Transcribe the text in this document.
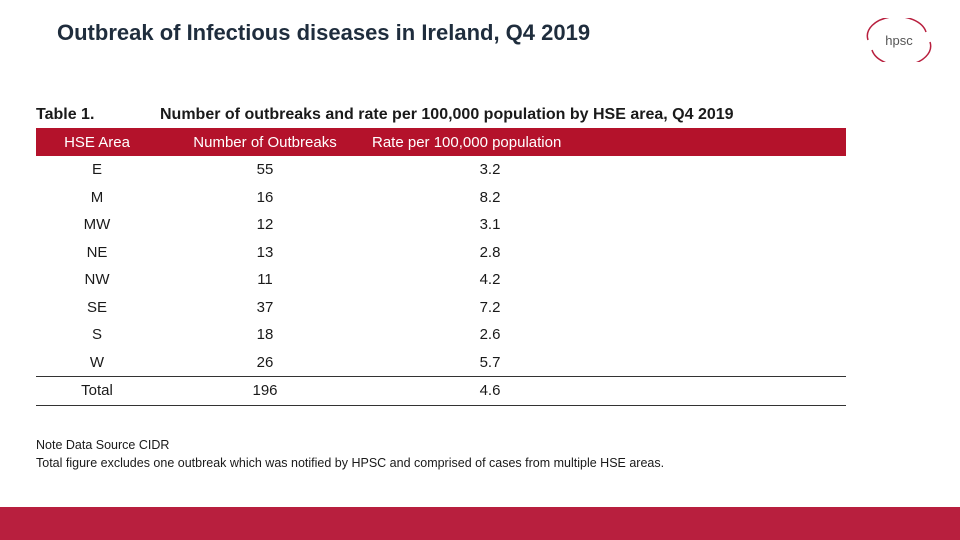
Outbreak of Infectious diseases in Ireland, Q4 2019	hpsc
Table 1.	Number of outbreaks and rate per 100,000 population by HSE area, Q4 2019
HSE Area	Number of Outbreaks	Rate per 100,000 population	
E	55	3.2	
M	16	8.2	
MW	12	3.1	
NE	13	2.8	
NW	11	4.2	
SE	37	7.2	
S	18	2.6	
W	26	5.7	
Total	196	4.6	
Note Data Source CIDR
Total figure excludes one outbreak which was notified by HPSC and comprised of cases from multiple HSE areas.
